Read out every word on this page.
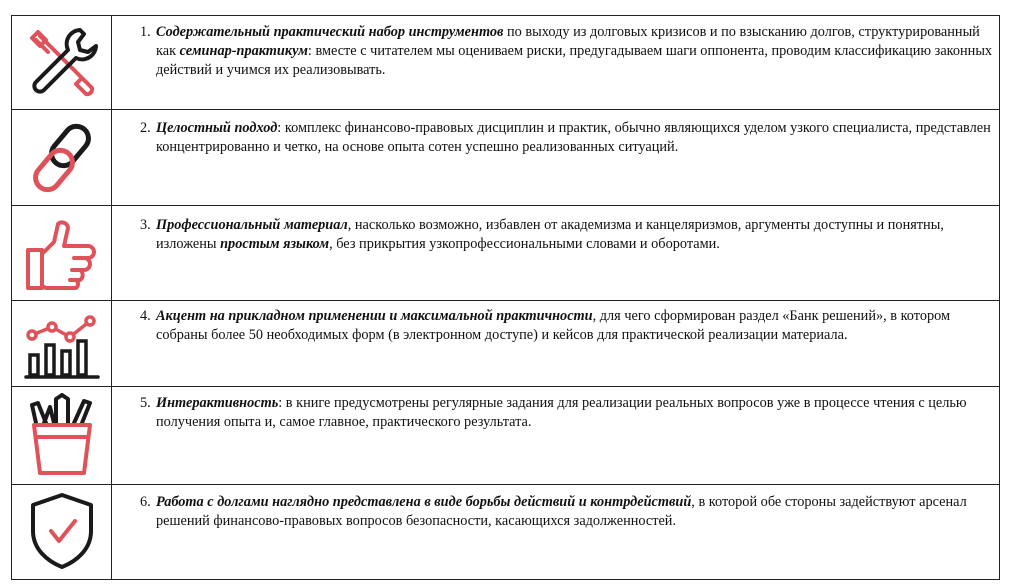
1. Содержательный практический набор инструментов по выходу из долговых кризисов и по взысканию долгов, структурированный как семинар-практикум: вместе с читателем мы оцениваем риски, предугадываем шаги оппонента, проводим классификацию законных действий и учимся их реализовывать.

2. Целостный подход: комплекс финансово-правовых дисциплин и практик, обычно являющихся уделом узкого специалиста, представлен концентрированно и четко, на основе опыта сотен успешно реализованных ситуаций.

3. Профессиональный материал, насколько возможно, избавлен от академизма и канцеляризмов, аргументы доступны и понятны, изложены простым языком, без прикрытия узкопрофессиональными словами и оборотами.

4. Акцент на прикладном применении и максимальной практичности, для чего сформирован раздел «Банк решений», в котором собраны более 50 необходимых форм (в электронном доступе) и кейсов для практической реализации материала.

5. Интерактивность: в книге предусмотрены регулярные задания для реализации реальных вопросов уже в процессе чтения с целью получения опыта и, самое главное, практического результата.

6. Работа с долгами наглядно представлена в виде борьбы действий и контрдействий, в которой обе стороны задействуют арсенал решений финансово-правовых вопросов безопасности, касающихся задолженностей.
